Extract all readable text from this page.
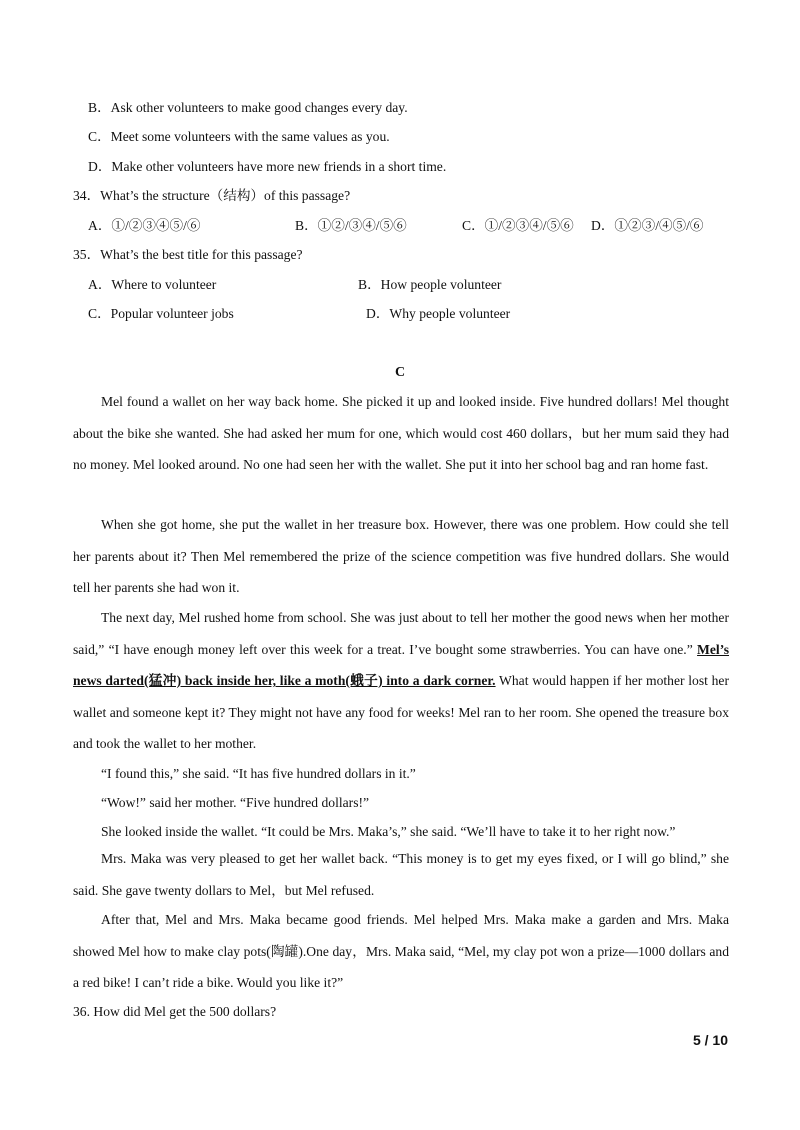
B．Ask other volunteers to make good changes every day.
C．Meet some volunteers with the same values as you.
D．Make other volunteers have more new friends in a short time.
34．What’s the structure（结构）of this passage?
A．①/②③④⑤/⑥	B．①②/③④/⑤⑥	C．①/②③④/⑤⑥ D．①②③/④⑤/⑥
35．What’s the best title for this passage?
A．Where to volunteer	B．How people volunteer
C．Popular volunteer jobs	D．Why people volunteer
C
Mel found a wallet on her way back home. She picked it up and looked inside. Five hundred dollars! Mel thought about the bike she wanted. She had asked her mum for one, which would cost 460 dollars，but her mum said they had no money. Mel looked around. No one had seen her with the wallet. She put it into her school bag and ran home fast.
When she got home, she put the wallet in her treasure box. However, there was one problem. How could she tell her parents about it? Then Mel remembered the prize of the science competition was five hundred dollars. She would tell her parents she had won it.
The next day, Mel rushed home from school. She was just about to tell her mother the good news when her mother said,” “I have enough money left over this week for a treat. I’ve bought some strawberries. You can have one.” Mel’s news darted(猛冲) back inside her, like a moth(蛾子) into a dark corner. What would happen if her mother lost her wallet and someone kept it? They might not have any food for weeks! Mel ran to her room. She opened the treasure box and took the wallet to her mother.
“I found this,” she said. “It has five hundred dollars in it.”
“Wow!” said her mother. “Five hundred dollars!”
She looked inside the wallet. “It could be Mrs. Maka’s,” she said. “We’ll have to take it to her right now.”
Mrs. Maka was very pleased to get her wallet back. “This money is to get my eyes fixed, or I will go blind,” she said. She gave twenty dollars to Mel，but Mel refused.
After that, Mel and Mrs. Maka became good friends. Mel helped Mrs. Maka make a garden and Mrs. Maka showed Mel how to make clay pots(陶罐).One day，Mrs. Maka said, “Mel, my clay pot won a prize—1000 dollars and a red bike! I can’t ride a bike. Would you like it?”
36. How did Mel get the 500 dollars?
5 / 10
